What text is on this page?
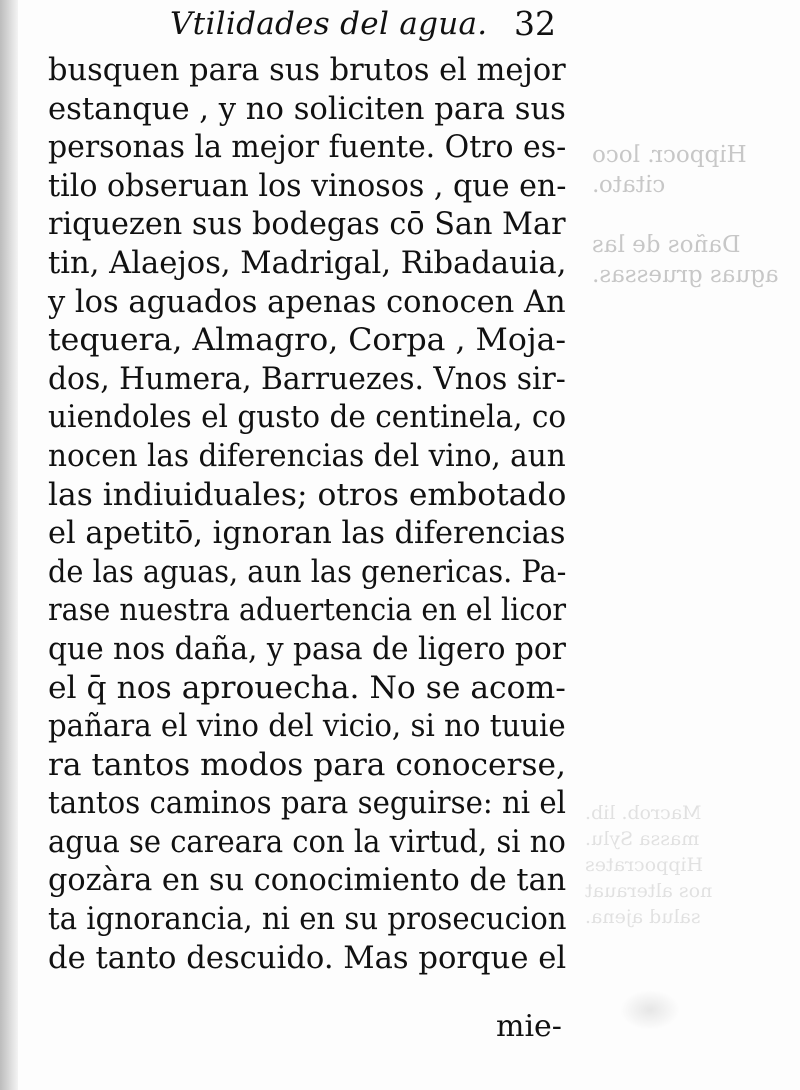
Vtilidades del agua. 32
busquen para sus brutos el mejor
estanque , y no soliciten para sus
personas la mejor fuente. Otro es-
tilo obseruan los vinosos , que en-
riquezen sus bodegas cō San Mar
tin, Alaejos, Madrigal, Ribadauia,
y los aguados apenas conocen An
tequera, Almagro, Corpa , Moja-
dos, Humera, Barruezes. Vnos sir-
uiendoles el gusto de centinela, co
nocen las diferencias del vino, aun
las indiuiduales; otros embotado
el apetitō, ignoran las diferencias
de las aguas, aun las genericas. Pa-
rase nuestra aduertencia en el licor
que nos daña, y pasa de ligero por
el q̄ nos aprouecha. No se acom-
pañara el vino del vicio, si no tuuie
ra tantos modos para conocerse,
tantos caminos para seguirse: ni el
agua se careara con la virtud, si no
gozàra en su conocimiento de tan
ta ignorancia, ni en su prosecucion
de tanto descuido. Mas porque el
mie-
Hippocr. loco
citato.
Daños de las
aguas gruessas.
Macrob. lib.
massa Sylu.
Hippocrates
nos alterauat
salud ajena.
